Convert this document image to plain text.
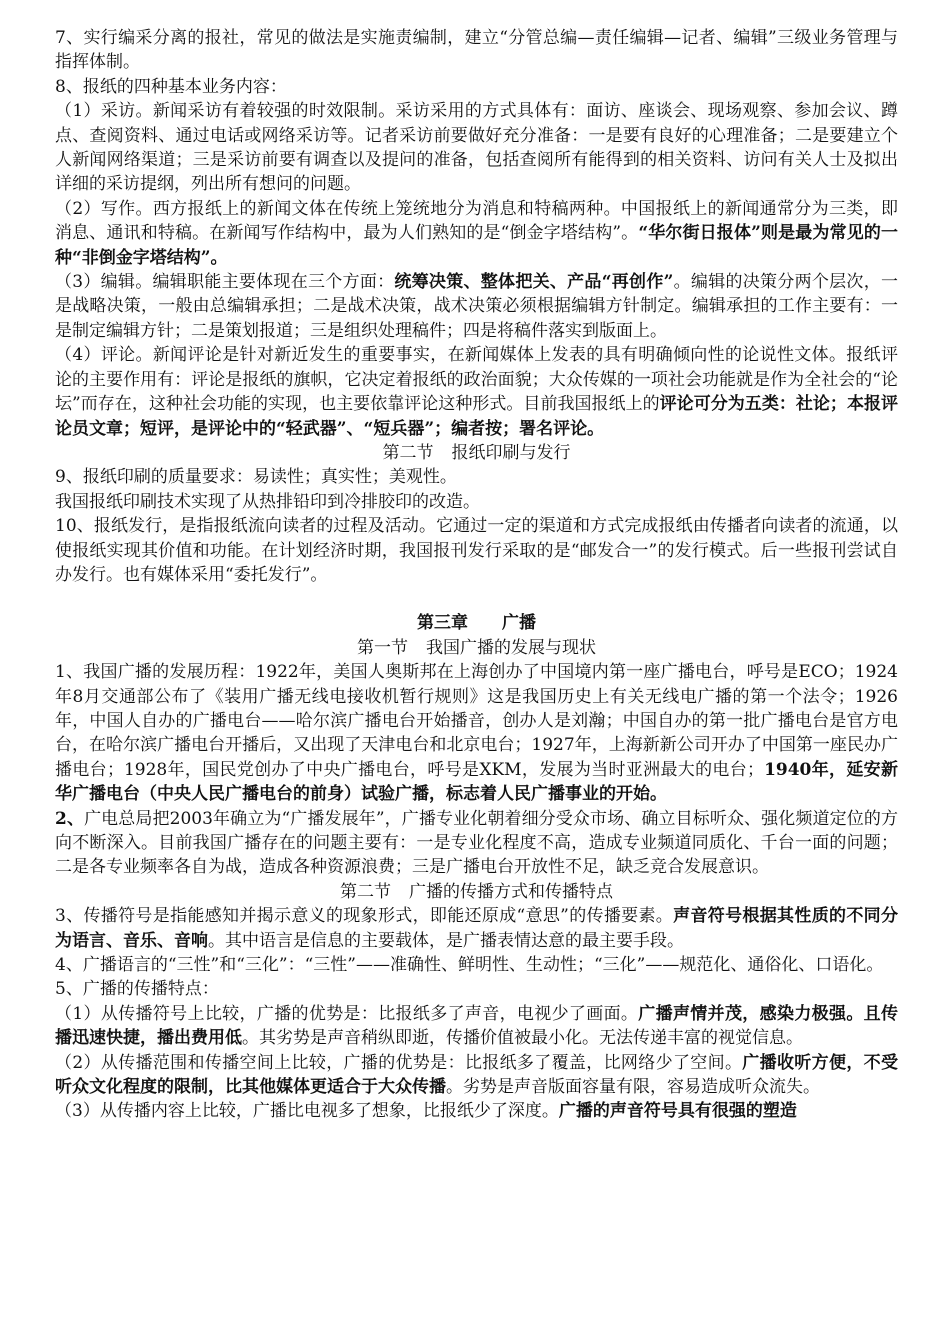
7、实行编采分离的报社，常见的做法是实施责编制，建立“分管总编—责任编辑—记者、编辑”三级业务管理与指挥体制。

8、报纸的四种基本业务内容：

（1）采访。新闻采访有着较强的时效限制。采访采用的方式具体有：面访、座谈会、现场观察、参加会议、蹲点、查阅资料、通过电话或网络采访等。记者采访前要做好充分准备：一是要有良好的心理准备；二是要建立个人新闻网络渠道；三是采访前要有调查以及提问的准备，包括查阅所有能得到的相关资料、访问有关人士及拟出详细的采访提纲，列出所有想问的问题。

（2）写作。西方报纸上的新闻文体在传统上笼统地分为消息和特稿两种。中国报纸上的新闻通常分为三类，即消息、通讯和特稿。在新闻写作结构中，最为人们熟知的是“倒金字塔结构”。“华尔街日报体”则是最为常见的一种“非倒金字塔结构”。

（3）编辑。编辑职能主要体现在三个方面：统筹决策、整体把关、产品“再创作”。编辑的决策分两个层次，一是战略决策，一般由总编辑承担；二是战术决策，战术决策必须根据编辑方针制定。编辑承担的工作主要有：一是制定编辑方针；二是策划报道；三是组织处理稿件；四是将稿件落实到版面上。

（4）评论。新闻评论是针对新近发生的重要事实，在新闻媒体上发表的具有明确倾向性的论说性文体。报纸评论的主要作用有：评论是报纸的旗帜，它决定着报纸的政治面貌；大众传媒的一项社会功能就是作为全社会的“论坛”而存在，这种社会功能的实现，也主要依靠评论这种形式。目前我国报纸上的评论可分为五类：社论；本报评论员文章；短评，是评论中的“轻武器”、“短兵器”；编者按；署名评论。

第二节 报纸印刷与发行

9、报纸印刷的质量要求：易读性；真实性；美观性。

我国报纸印刷技术实现了从热排铅印到冷排胶印的改造。

10、报纸发行，是指报纸流向读者的过程及活动。它通过一定的渠道和方式完成报纸由传播者向读者的流通，以使报纸实现其价值和功能。在计划经济时期，我国报刊发行采取的是“邮发合一”的发行模式。后一些报刊尝试自办发行。也有媒体采用“委托发行”。

第三章 广播

第一节 我国广播的发展与现状

1、我国广播的发展历程：1922年，美国人奥斯邦在上海创办了中国境内第一座广播电台，呼号是ECO；1924年8月交通部公布了《装用广播无线电接收机暂行规则》这是我国历史上有关无线电广播的第一个法令；1926年，中国人自办的广播电台——哈尔滨广播电台开始播音，创办人是刘瀚；中国自办的第一批广播电台是官方电台，在哈尔滨广播电台开播后，又出现了天津电台和北京电台；1927年，上海新新公司开办了中国第一座民办广播电台；1928年，国民党创办了中央广播电台，呼号是XKM，发展为当时亚洲最大的电台；1940年，延安新华广播电台（中央人民广播电台的前身）试验广播，标志着人民广播事业的开始。

2、广电总局把2003年确立为“广播发展年”，广播专业化朝着细分受众市场、确立目标听众、强化频道定位的方向不断深入。目前我国广播存在的问题主要有：一是专业化程度不高，造成专业频道同质化、千台一面的问题；二是各专业频率各自为战，造成各种资源浪费；三是广播电台开放性不足，缺乏竞合发展意识。

第二节 广播的传播方式和传播特点

3、传播符号是指能感知并揭示意义的现象形式，即能还原成“意思”的传播要素。声音符号根据其性质的不同分为语言、音乐、音响。其中语言是信息的主要载体，是广播表情达意的最主要手段。

4、广播语言的“三性”和“三化”：“三性”——准确性、鲜明性、生动性；“三化”——规范化、通俗化、口语化。

5、广播的传播特点：

（1）从传播符号上比较，广播的优势是：比报纸多了声音，电视少了画面。广播声情并茂，感染力极强。且传播迅速快捷，播出费用低。其劣势是声音稍纵即逝，传播价值被最小化。无法传递丰富的视觉信息。

（2）从传播范围和传播空间上比较，广播的优势是：比报纸多了覆盖，比网络少了空间。广播收听方便，不受听众文化程度的限制，比其他媒体更适合于大众传播。劣势是声音版面容量有限，容易造成听众流失。

（3）从传播内容上比较，广播比电视多了想象，比报纸少了深度。广播的声音符号具有很强的塑造
